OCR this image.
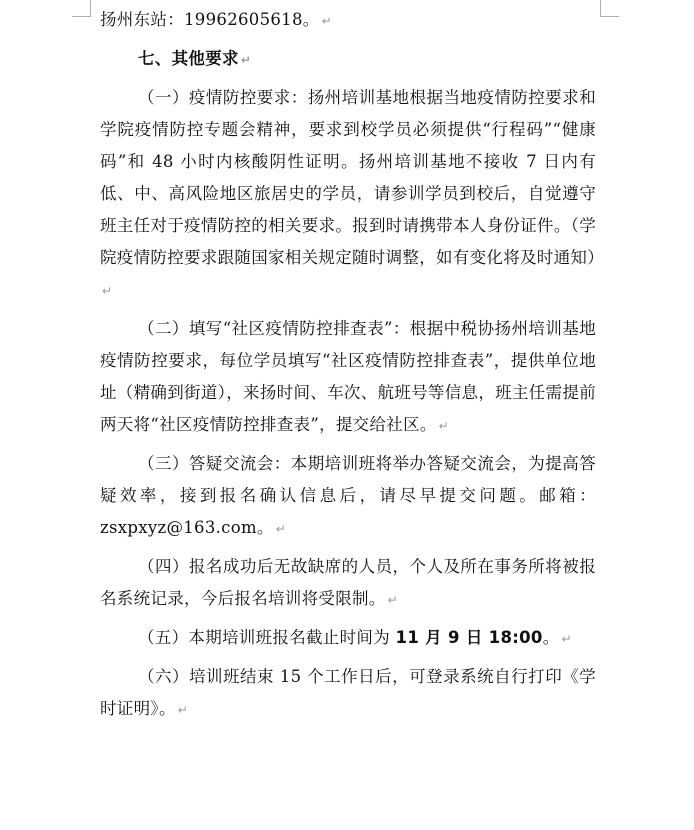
扬州东站：19962605618。 ↵

七、其他要求 ↵

（一）疫情防控要求：扬州培训基地根据当地疫情防控要求和学院疫情防控专题会精神，要求到校学员必须提供“行程码”“健康码”和 48 小时内核酸阴性证明。扬州培训基地不接收 7 日内有低、中、高风险地区旅居史的学员，请参训学员到校后，自觉遵守班主任对于疫情防控的相关要求。报到时请携带本人身份证件。（学院疫情防控要求跟随国家相关规定随时调整，如有变化将及时通知）↵

（二）填写“社区疫情防控排查表”：根据中税协扬州培训基地疫情防控要求，每位学员填写“社区疫情防控排查表”，提供单位地址（精确到街道），来扬时间、车次、航班号等信息，班主任需提前两天将“社区疫情防控排查表”，提交给社区。 ↵

（三）答疑交流会：本期培训班将举办答疑交流会，为提高答疑效率，接到报名确认信息后，请尽早提交问题。邮箱：zsxpxyz@163.com。 ↵

（四）报名成功后无故缺席的人员，个人及所在事务所将被报名系统记录，今后报名培训将受限制。 ↵

（五）本期培训班报名截止时间为 11 月 9 日 18:00。 ↵

（六）培训班结束 15 个工作日后，可登录系统自行打印《学时证明》。 ↵
